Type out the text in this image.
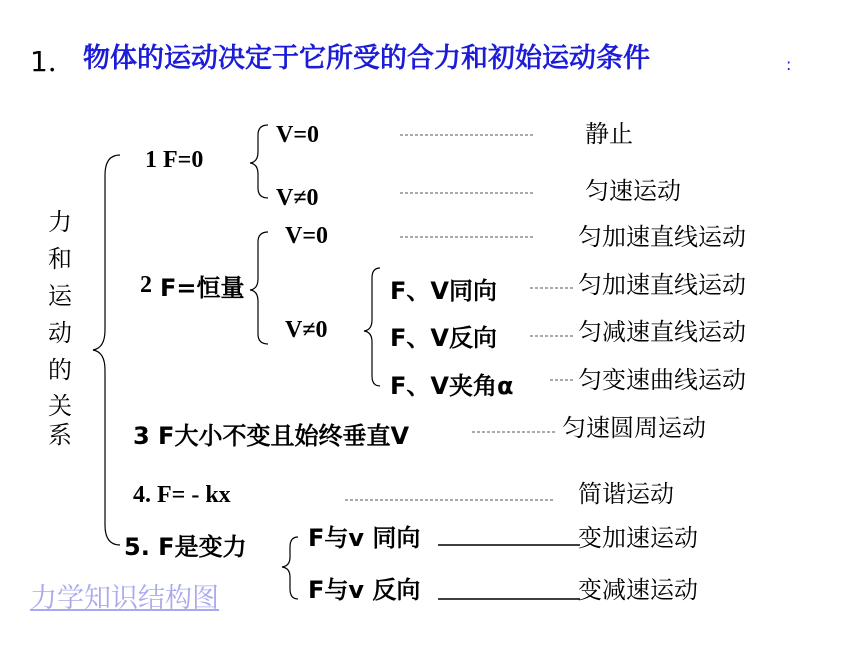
1． 物体的运动决定于它所受的合力和初始运动条件	:
力
和
运
动
的
关
系
1 F=0
V=0	静止
V≠0	匀速运动
2 F=恒量
V=0	匀加速直线运动
V≠0
F、V同向	匀加速直线运动
F、V反向	匀减速直线运动
F、V夹角α	匀变速曲线运动
3 F大小不变且始终垂直V	匀速圆周运动
4. F= - kx	简谐运动
5. F是变力	F与v 同向	变加速运动
F与v 反向	变减速运动
力学知识结构图
